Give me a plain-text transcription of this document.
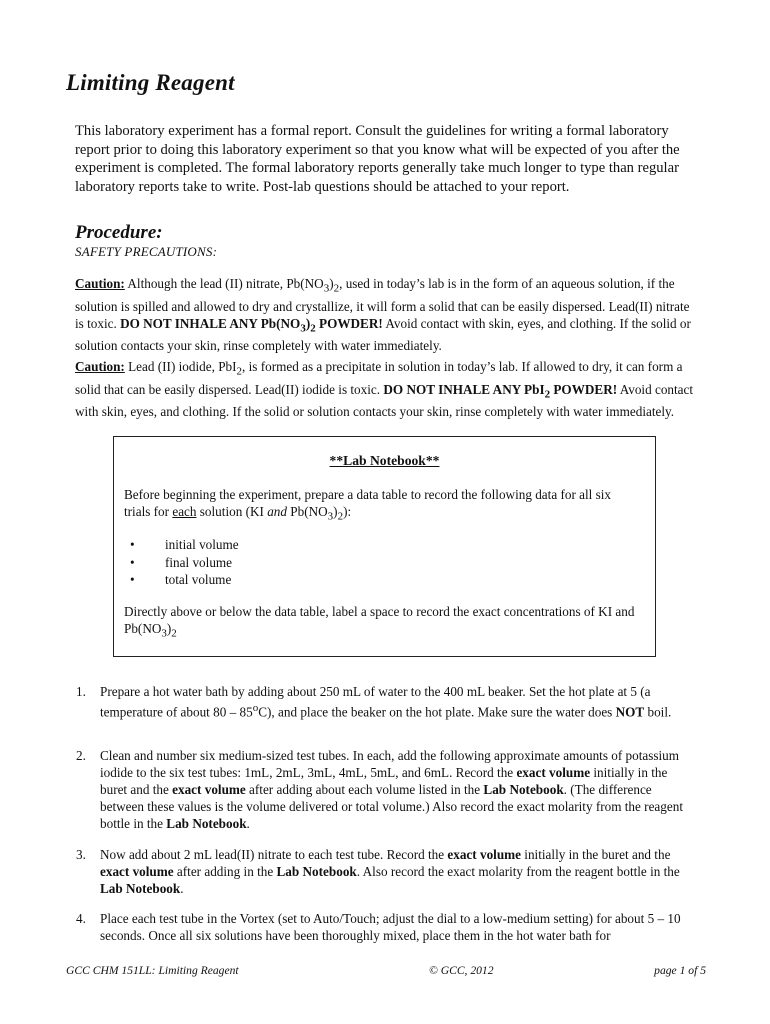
Limiting Reagent

This laboratory experiment has a formal report. Consult the guidelines for writing a formal laboratory report prior to doing this laboratory experiment so that you know what will be expected of you after the experiment is completed. The formal laboratory reports generally take much longer to type than regular laboratory reports take to write. Post-lab questions should be attached to your report.

Procedure:
SAFETY PRECAUTIONS:

Caution: Although the lead (II) nitrate, $Pb(NO_3)_2$, used in today’s lab is in the form of an aqueous solution, if the solution is spilled and allowed to dry and crystallize, it will form a solid that can be easily dispersed. Lead(II) nitrate is toxic. DO NOT INHALE ANY $Pb(NO_3)_2$ POWDER! Avoid contact with skin, eyes, and clothing. If the solid or solution contacts your skin, rinse completely with water immediately.

Caution: Lead (II) iodide, PbI$_2$, is formed as a precipitate in solution in today’s lab. If allowed to dry, it can form a solid that can be easily dispersed. Lead(II) iodide is toxic. DO NOT INHALE ANY PbI$_2$ POWDER! Avoid contact with skin, eyes, and clothing. If the solid or solution contacts your skin, rinse completely with water immediately.

**Lab Notebook**

Before beginning the experiment, prepare a data table to record the following data for all six trials for each solution (KI and $Pb(NO_3)_2$):

• initial volume
• final volume
• total volume

Directly above or below the data table, label a space to record the exact concentrations of KI and $Pb(NO_3)_2$

1. Prepare a hot water bath by adding about 250 mL of water to the 400 mL beaker. Set the hot plate at 5 (a temperature of about 80 – 85$^o$C), and place the beaker on the hot plate. Make sure the water does NOT boil.
2. Clean and number six medium-sized test tubes. In each, add the following approximate amounts of potassium iodide to the six test tubes: 1mL, 2mL, 3mL, 4mL, 5mL, and 6mL. Record the exact volume initially in the buret and the exact volume after adding about each volume listed in the Lab Notebook. (The difference between these values is the volume delivered or total volume.) Also record the exact molarity from the reagent bottle in the Lab Notebook.
3. Now add about 2 mL lead(II) nitrate to each test tube. Record the exact volume initially in the buret and the exact volume after adding in the Lab Notebook. Also record the exact molarity from the reagent bottle in the Lab Notebook.
4. Place each test tube in the Vortex (set to Auto/Touch; adjust the dial to a low-medium setting) for about 5 – 10 seconds. Once all six solutions have been thoroughly mixed, place them in the hot water bath for
GCC CHM 151LL: Limiting Reagent	© GCC, 2012	page 1 of 5
